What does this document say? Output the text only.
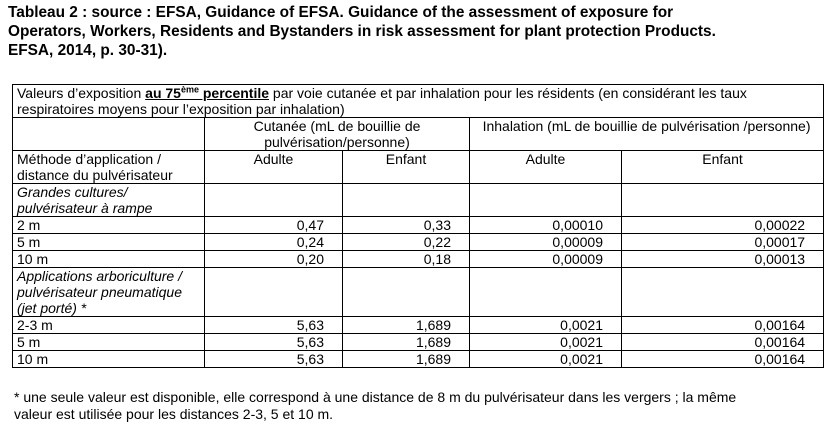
Tableau 2 : source : EFSA, Guidance of EFSA. Guidance of the assessment of exposure for

Operators, Workers, Residents and Bystanders in risk assessment for plant protection Products.

EFSA, 2014, p. 30-31).

Valeurs d’exposition au 75ème percentile par voie cutanée et par inhalation pour les résidents (en considérant les taux respiratoires moyens pour l’exposition par inhalation)				
	Cutanée (mL de bouillie de pulvérisation/personne)		Inhalation (mL de bouillie de pulvérisation /personne)	
Méthode d’application / distance du pulvérisateur	Adulte	Enfant	Adulte	Enfant
Grandes cultures/ pulvérisateur à rampe				
2 m	0,47	0,33	0,00010	0,00022
5 m	0,24	0,22	0,00009	0,00017
10 m	0,20	0,18	0,00009	0,00013
Applications arboriculture / pulvérisateur pneumatique (jet porté) *				
2-3 m	5,63	1,689	0,0021	0,00164
5 m	5,63	1,689	0,0021	0,00164
10 m	5,63	1,689	0,0021	0,00164
* une seule valeur est disponible, elle correspond à une distance de 8 m du pulvérisateur dans les vergers ; la même
valeur est utilisée pour les distances 2-3, 5 et 10 m.
